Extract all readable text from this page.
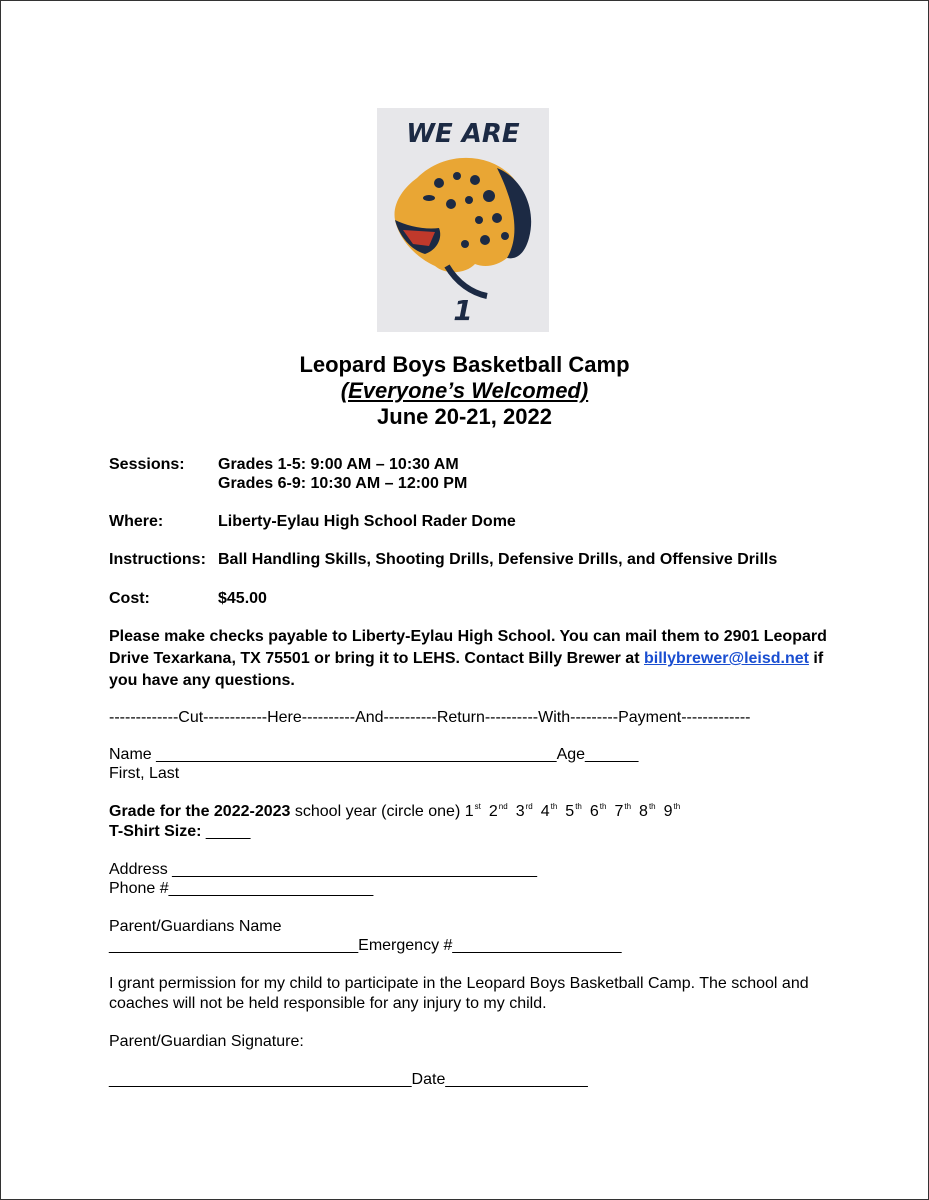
WE ARE
1
Leopard Boys Basketball Camp
(Everyone’s Welcomed)
June 20-21, 2022
Sessions: Grades 1-5: 9:00 AM – 10:30 AM
Grades 6-9: 10:30 AM – 12:00 PM
Where:	Liberty-Eylau High School Rader Dome
Instructions: Ball Handling Skills, Shooting Drills, Defensive Drills, and Offensive Drills
Cost:	$45.00
Please make checks payable to Liberty-Eylau High School. You can mail them to 2901 Leopard Drive Texarkana, TX 75501 or bring it to LEHS. Contact Billy Brewer at billybrewer@leisd.net if you have any questions.
-------------Cut------------Here----------And----------Return----------With---------Payment-------------
Name _____________________________________________Age______
First, Last
Grade for the 2022-2023 school year (circle one) 1st 2nd 3rd 4th 5th 6th 7th 8th 9th
T-Shirt Size: _____
Address _________________________________________
Phone #_______________________
Parent/Guardians Name
____________________________Emergency #___________________
I grant permission for my child to participate in the Leopard Boys Basketball Camp. The school and coaches will not be held responsible for any injury to my child.
Parent/Guardian Signature:
__________________________________Date________________
